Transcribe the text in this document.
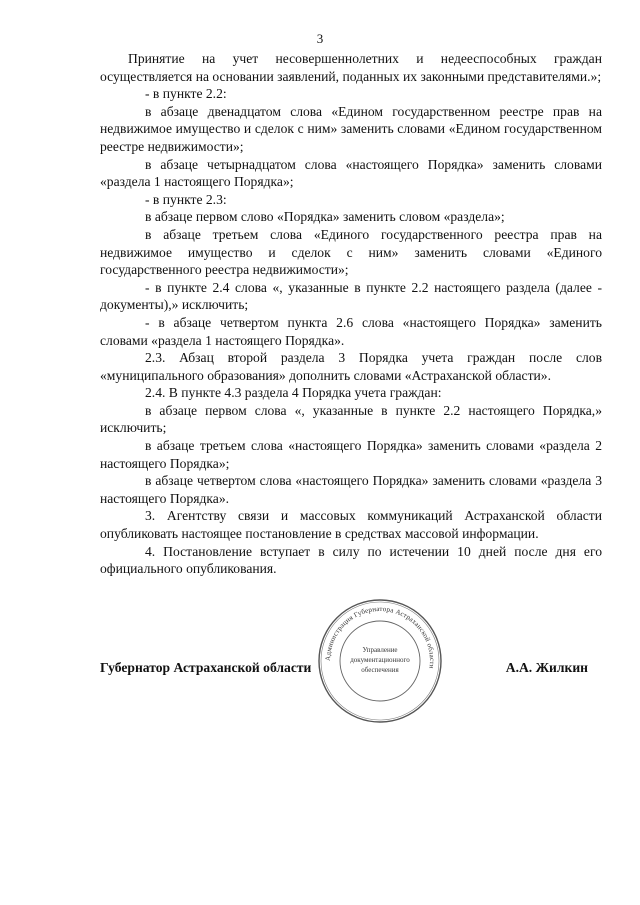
3

Принятие на учет несовершеннолетних и недееспособных граждан осуществляется на основании заявлений, поданных их законными представителями.»;

- в пункте 2.2:

в абзаце двенадцатом слова «Едином государственном реестре прав на недвижимое имущество и сделок с ним» заменить словами «Едином государственном реестре недвижимости»;

в абзаце четырнадцатом слова «настоящего Порядка» заменить словами «раздела 1 настоящего Порядка»;

- в пункте 2.3:

в абзаце первом слово «Порядка» заменить словом «раздела»;

в абзаце третьем слова «Единого государственного реестра прав на недвижимое имущество и сделок с ним» заменить словами «Единого государственного реестра недвижимости»;

- в пункте 2.4 слова «, указанные в пункте 2.2 настоящего раздела (далее - документы),» исключить;

- в абзаце четвертом пункта 2.6 слова «настоящего Порядка» заменить словами «раздела 1 настоящего Порядка».

2.3. Абзац второй раздела 3 Порядка учета граждан после слов «муниципального образования» дополнить словами «Астраханской области».

2.4. В пункте 4.3 раздела 4 Порядка учета граждан:

в абзаце первом слова «, указанные в пункте 2.2 настоящего Порядка,» исключить;

в абзаце третьем слова «настоящего Порядка» заменить словами «раздела 2 настоящего Порядка»;

в абзаце четвертом слова «настоящего Порядка» заменить словами «раздела 3 настоящего Порядка».

3. Агентству связи и массовых коммуникаций Астраханской области опубликовать настоящее постановление в средствах массовой информации.

4. Постановление вступает в силу по истечении 10 дней после дня его официального опубликования.

Губернатор Астраханской области	А.А. Жилкин
Администрация Губернатора Астраханской области
Управление
документационного
обеспечения
